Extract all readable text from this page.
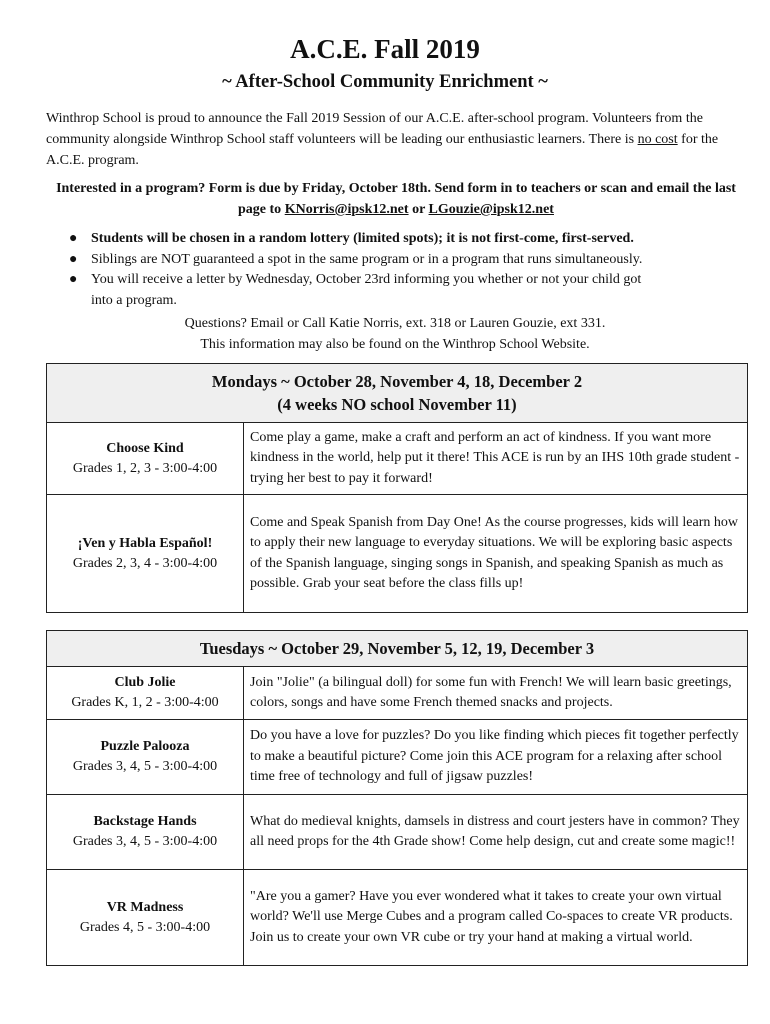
A.C.E. Fall 2019
~ After-School Community Enrichment ~
Winthrop School is proud to announce the Fall 2019 Session of our A.C.E. after-school program. Volunteers from the community alongside Winthrop School staff volunteers will be leading our enthusiastic learners. There is no cost for the A.C.E. program.
Interested in a program? Form is due by Friday, October 18th. Send form in to teachers or scan and email the last page to KNorris@ipsk12.net or LGouzie@ipsk12.net
● Students will be chosen in a random lottery (limited spots); it is not first-come, first-served.
● Siblings are NOT guaranteed a spot in the same program or in a program that runs simultaneously.
● You will receive a letter by Wednesday, October 23rd informing you whether or not your child got into a program.
Questions? Email or Call Katie Norris, ext. 318 or Lauren Gouzie, ext 331.
This information may also be found on the Winthrop School Website.
Mondays ~ October 28, November 4, 18, December 2
(4 weeks NO school November 11)	

Choose Kind
Grades 1, 2, 3 - 3:00-4:00	Come play a game, make a craft and perform an act of kindness. If you want more kindness in the world, help put it there! This ACE is run by an IHS 10th grade student - trying her best to pay it forward!

¡Ven y Habla Español!
Grades 2, 3, 4 - 3:00-4:00	Come and Speak Spanish from Day One! As the course progresses, kids will learn how to apply their new language to everyday situations. We will be exploring basic aspects of the Spanish language, singing songs in Spanish, and speaking Spanish as much as possible. Grab your seat before the class fills up!
Tuesdays ~ October 29, November 5, 12, 19, December 3	

Club Jolie
Grades K, 1, 2 - 3:00-4:00	Join "Jolie" (a bilingual doll) for some fun with French! We will learn basic greetings, colors, songs and have some French themed snacks and projects.

Puzzle Palooza
Grades 3, 4, 5 - 3:00-4:00	Do you have a love for puzzles? Do you like finding which pieces fit together perfectly to make a beautiful picture? Come join this ACE program for a relaxing after school time free of technology and full of jigsaw puzzles!

Backstage Hands
Grades 3, 4, 5 - 3:00-4:00	What do medieval knights, damsels in distress and court jesters have in common? They all need props for the 4th Grade show! Come help design, cut and create some magic!!

VR Madness
Grades 4, 5 - 3:00-4:00	"Are you a gamer? Have you ever wondered what it takes to create your own virtual world? We'll use Merge Cubes and a program called Co-spaces to create VR products. Join us to create your own VR cube or try your hand at making a virtual world.
